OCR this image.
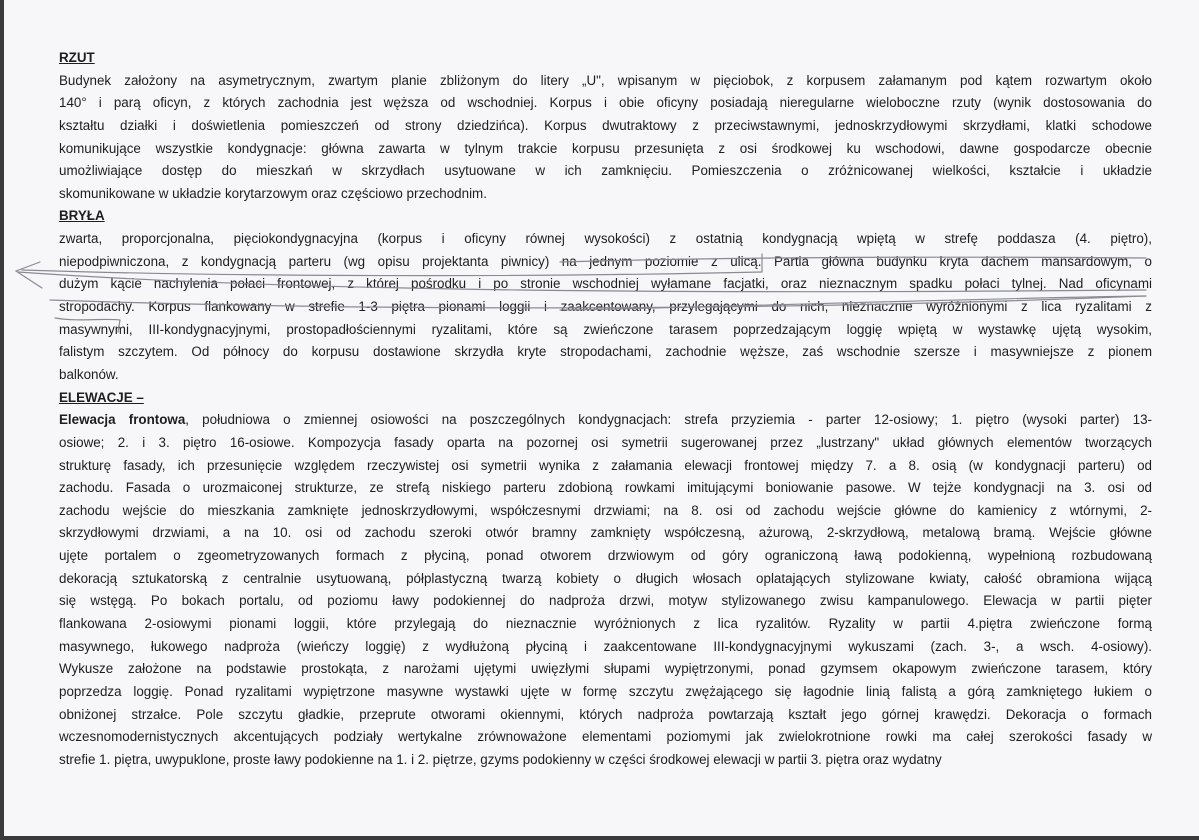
RZUT
Budynek założony na asymetrycznym, zwartym planie zbliżonym do litery „U", wpisanym w pięciobok, z korpusem załamanym pod kątem rozwartym około
140° i parą oficyn, z których zachodnia jest węższa od wschodniej. Korpus i obie oficyny posiadają nieregularne wieloboczne rzuty (wynik dostosowania do
kształtu działki i doświetlenia pomieszczeń od strony dziedzińca). Korpus dwutraktowy z przeciwstawnymi, jednoskrzydłowymi skrzydłami, klatki schodowe
komunikujące wszystkie kondygnacje: główna zawarta w tylnym trakcie korpusu przesunięta z osi środkowej ku wschodowi, dawne gospodarcze obecnie
umożliwiające dostęp do mieszkań w skrzydłach usytuowane w ich zamknięciu. Pomieszczenia o zróżnicowanej wielkości, kształcie i układzie
skomunikowane w układzie korytarzowym oraz częściowo przechodnim.
BRYŁA
zwarta, proporcjonalna, pięciokondygnacyjna (korpus i oficyny równej wysokości) z ostatnią kondygnacją wpiętą w strefę poddasza (4. piętro),
niepodpiwniczona, z kondygnacją parteru (wg opisu projektanta piwnicy) na jednym poziomie z ulicą. Partia główna budynku kryta dachem mansardowym, o
dużym kącie nachylenia połaci frontowej, z której pośrodku i po stronie wschodniej wyłamane facjatki, oraz nieznacznym spadku połaci tylnej. Nad oficynami
stropodachy. Korpus flankowany w strefie 1-3 piętra pionami loggii i zaakcentowany, przylegającymi do nich, nieznacznie wyróżnionymi z lica ryzalitami z
masywnymi, III-kondygnacyjnymi, prostopadłościennymi ryzalitami, które są zwieńczone tarasem poprzedzającym loggię wpiętą w wystawkę ujętą wysokim,
falistym szczytem. Od północy do korpusu dostawione skrzydła kryte stropodachami, zachodnie węższe, zaś wschodnie szersze i masywniejsze z pionem
balkonów.
ELEWACJE –
Elewacja frontowa, południowa o zmiennej osiowości na poszczególnych kondygnacjach: strefa przyziemia - parter 12-osiowy; 1. piętro (wysoki parter) 13-
osiowe; 2. i 3. piętro 16-osiowe. Kompozycja fasady oparta na pozornej osi symetrii sugerowanej przez „lustrzany" układ głównych elementów tworzących
strukturę fasady, ich przesunięcie względem rzeczywistej osi symetrii wynika z załamania elewacji frontowej między 7. a 8. osią (w kondygnacji parteru) od
zachodu. Fasada o urozmaiconej strukturze, ze strefą niskiego parteru zdobioną rowkami imitującymi boniowanie pasowe. W tejże kondygnacji na 3. osi od
zachodu wejście do mieszkania zamknięte jednoskrzydłowymi, współczesnymi drzwiami; na 8. osi od zachodu wejście główne do kamienicy z wtórnymi, 2-
skrzydłowymi drzwiami, a na 10. osi od zachodu szeroki otwór bramny zamknięty współczesną, ażurową, 2-skrzydłową, metalową bramą. Wejście główne
ujęte portalem o zgeometryzowanych formach z płyciną, ponad otworem drzwiowym od góry ograniczoną ławą podokienną, wypełnioną rozbudowaną
dekoracją sztukatorską z centralnie usytuowaną, półplastyczną twarzą kobiety o długich włosach oplatających stylizowane kwiaty, całość obramiona wijącą
się wstęgą. Po bokach portalu, od poziomu ławy podokiennej do nadproża drzwi, motyw stylizowanego zwisu kampanulowego. Elewacja w partii pięter
flankowana 2-osiowymi pionami loggii, które przylegają do nieznacznie wyróżnionych z lica ryzalitów. Ryzality w partii 4.piętra zwieńczone formą
masywnego, łukowego nadproża (wieńczy loggię) z wydłużoną płyciną i zaakcentowane III-kondygnacyjnymi wykuszami (zach. 3-, a wsch. 4-osiowy).
Wykusze założone na podstawie prostokąta, z narożami ujętymi uwięzłymi słupami wypiętrzonymi, ponad gzymsem okapowym zwieńczone tarasem, który
poprzedza loggię. Ponad ryzalitami wypiętrzone masywne wystawki ujęte w formę szczytu zwężającego się łagodnie linią falistą a górą zamkniętego łukiem o
obniżonej strzałce. Pole szczytu gładkie, przeprute otworami okiennymi, których nadproża powtarzają kształt jego górnej krawędzi. Dekoracja o formach
wczesnomodernistycznych akcentujących podziały wertykalne zrównoważone elementami poziomymi jak zwielokrotnione rowki ma całej szerokości fasady w
strefie 1. piętra, uwypuklone, proste ławy podokienne na 1. i 2. piętrze, gzyms podokienny w części środkowej elewacji w partii 3. piętra oraz wydatny
